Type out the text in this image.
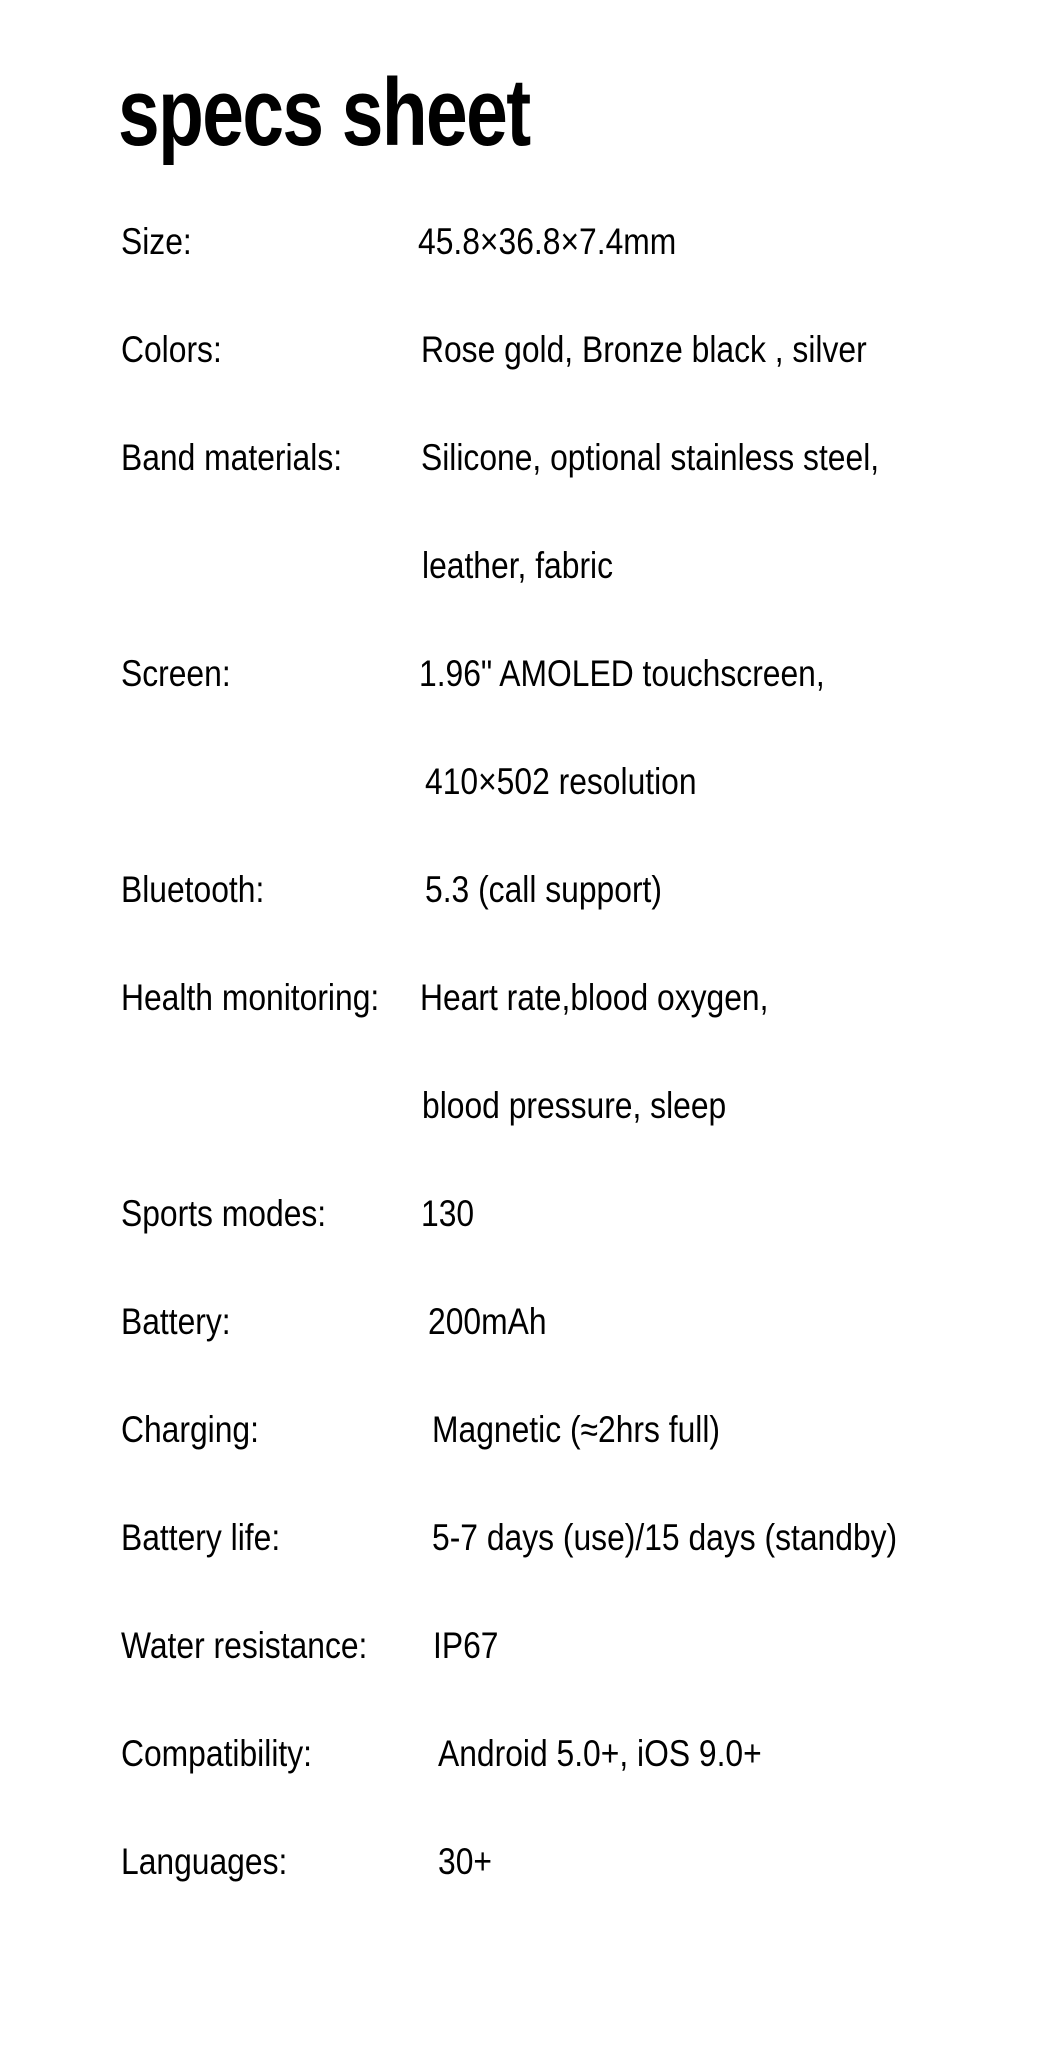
specs sheet
Size:	45.8×36.8×7.4mm
Colors:	Rose gold, Bronze black , silver
Band materials: Silicone, optional stainless steel,
leather, fabric
Screen:	1.96" AMOLED touchscreen,
410×502 resolution
Bluetooth:	5.3 (call support)
Health monitoring: Heart rate,blood oxygen,
blood pressure, sleep
Sports modes:	130
Battery:	200mAh
Charging:	Magnetic (≈2hrs full)
Battery life:	5-7 days (use)/15 days (standby)
Water resistance: IP67
Compatibility:	Android 5.0+, iOS 9.0+
Languages:	30+
